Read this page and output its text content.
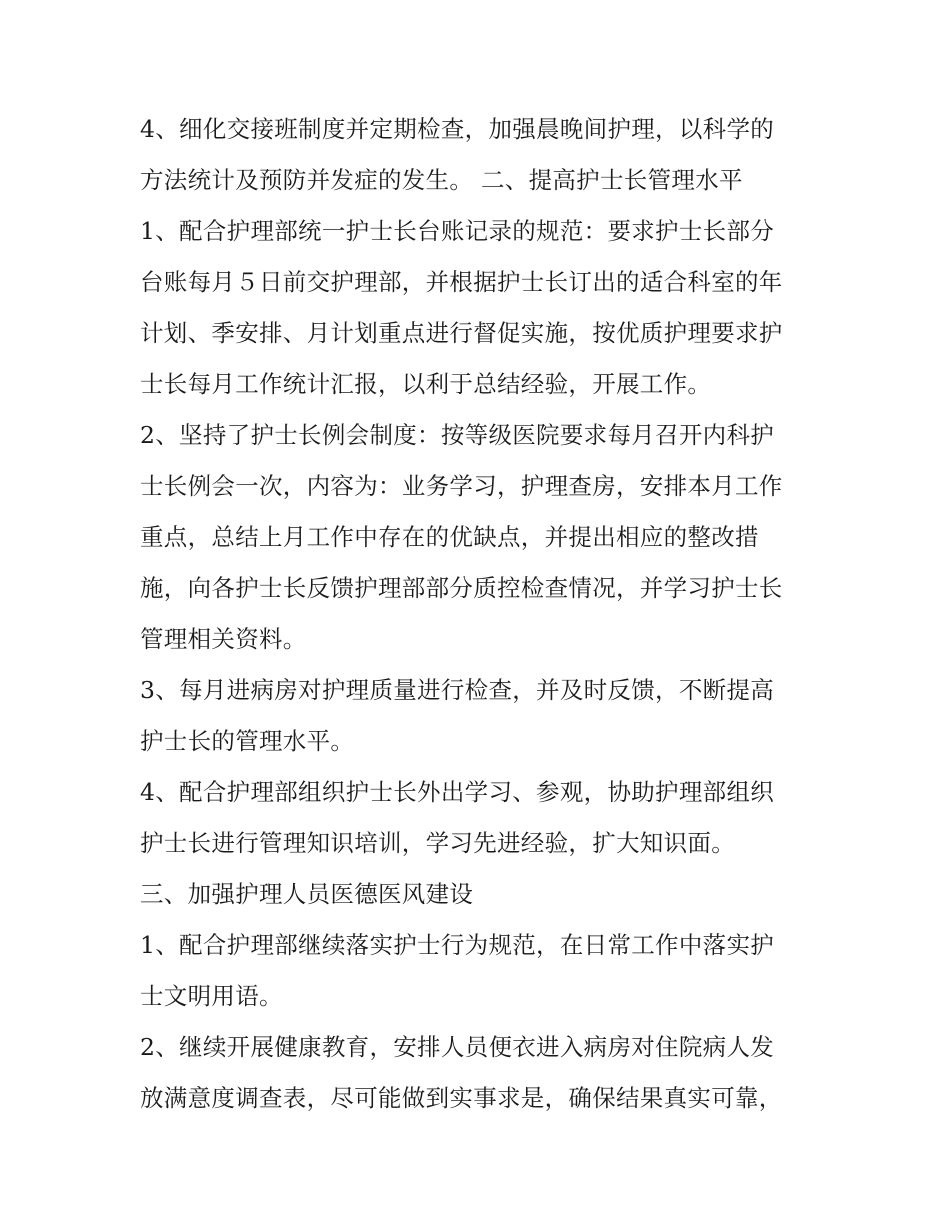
4、细化交接班制度并定期检查，加强晨晚间护理，以科学的
方法统计及预防并发症的发生。 二、提高护士长管理水平
1、配合护理部统一护士长台账记录的规范：要求护士长部分
台账每月５日前交护理部，并根据护士长订出的适合科室的年
计划、季安排、月计划重点进行督促实施，按优质护理要求护
士长每月工作统计汇报，以利于总结经验，开展工作。
2、坚持了护士长例会制度：按等级医院要求每月召开内科护
士长例会一次，内容为：业务学习，护理查房，安排本月工作
重点，总结上月工作中存在的优缺点，并提出相应的整改措
施，向各护士长反馈护理部部分质控检查情况，并学习护士长
管理相关资料。
3、每月进病房对护理质量进行检查，并及时反馈，不断提高
护士长的管理水平。
4、配合护理部组织护士长外出学习、参观，协助护理部组织
护士长进行管理知识培训，学习先进经验，扩大知识面。
三、加强护理人员医德医风建设
1、配合护理部继续落实护士行为规范，在日常工作中落实护
士文明用语。
2、继续开展健康教育，安排人员便衣进入病房对住院病人发
放满意度调查表，尽可能做到实事求是，确保结果真实可靠，
